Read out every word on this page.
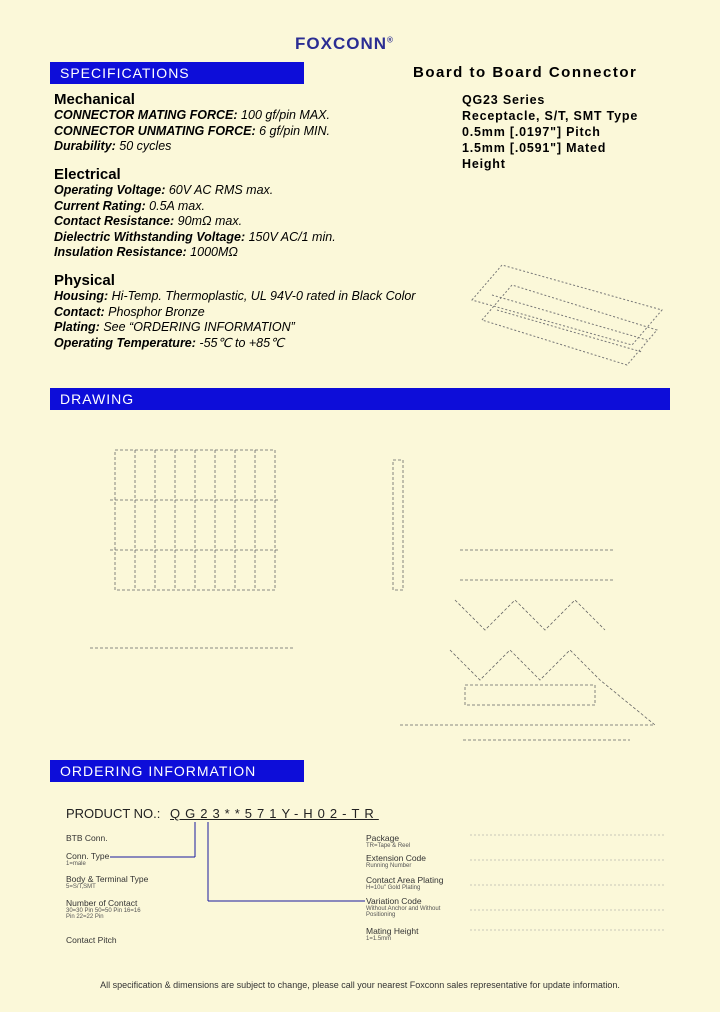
FOXCONN®
SPECIFICATIONS	Board to Board Connector
QG23 Series
Receptacle, S/T, SMT Type
0.5mm [.0197"] Pitch
1.5mm [.0591"] Mated
Height
Mechanical
CONNECTOR MATING FORCE: 100 gf/pin MAX.
CONNECTOR UNMATING FORCE: 6 gf/pin MIN.
Durability: 50 cycles
Electrical
Operating Voltage: 60V AC RMS max.
Current Rating: 0.5A max.
Contact Resistance: 90mΩ max.
Dielectric Withstanding Voltage: 150V AC/1 min.
Insulation Resistance: 1000MΩ
Physical
Housing: Hi-Temp. Thermoplastic, UL 94V-0 rated in Black Color
Contact: Phosphor Bronze
Plating: See “ORDERING INFORMATION”
Operating Temperature: -55℃ to +85℃
DRAWING
ORDERING INFORMATION
PRODUCT NO.: QG23**571Y-H02-TR
BTB Conn.
Conn. Type
1=male
Body & Terminal Type
5=S/T,SMT
Number of Contact
30=30 Pin 50=50 Pin 16=16 Pin 22=22 Pin
Contact Pitch
Package
TR=Tape & Reel
Extension Code
Running Number
Contact Area Plating
H=10u" Gold Plating
Variation Code
Without Anchor and Without Positioning
Mating Height
1=1.5mm
All specification & dimensions are subject to change, please call your nearest Foxconn sales representative for update information.
